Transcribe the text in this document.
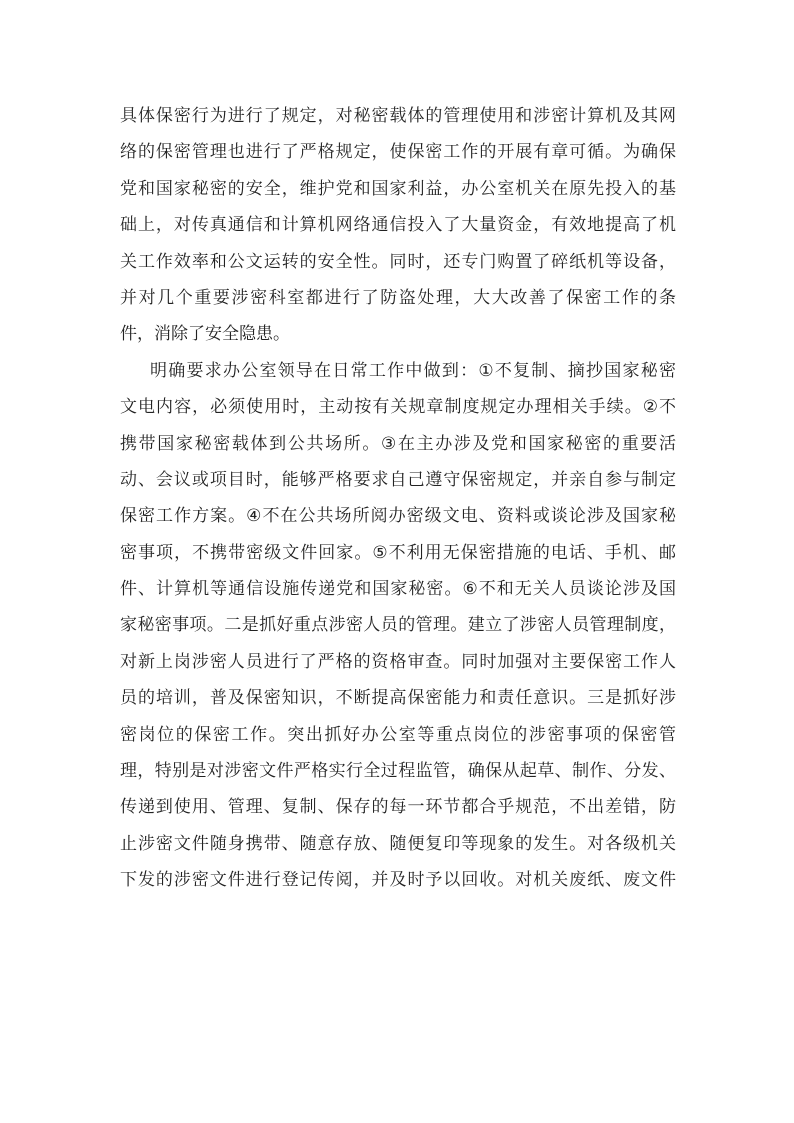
具体保密行为进行了规定，对秘密载体的管理使用和涉密计算机及其网
络的保密管理也进行了严格规定，使保密工作的开展有章可循。为确保
党和国家秘密的安全，维护党和国家利益，办公室机关在原先投入的基
础上，对传真通信和计算机网络通信投入了大量资金，有效地提高了机
关工作效率和公文运转的安全性。同时，还专门购置了碎纸机等设备，
并对几个重要涉密科室都进行了防盗处理，大大改善了保密工作的条
件，消除了安全隐患。
明确要求办公室领导在日常工作中做到：①不复制、摘抄国家秘密
文电内容，必须使用时，主动按有关规章制度规定办理相关手续。②不
携带国家秘密载体到公共场所。③在主办涉及党和国家秘密的重要活
动、会议或项目时，能够严格要求自己遵守保密规定，并亲自参与制定
保密工作方案。④不在公共场所阅办密级文电、资料或谈论涉及国家秘
密事项，不携带密级文件回家。⑤不利用无保密措施的电话、手机、邮
件、计算机等通信设施传递党和国家秘密。⑥不和无关人员谈论涉及国
家秘密事项。二是抓好重点涉密人员的管理。建立了涉密人员管理制度，
对新上岗涉密人员进行了严格的资格审查。同时加强对主要保密工作人
员的培训，普及保密知识，不断提高保密能力和责任意识。三是抓好涉
密岗位的保密工作。突出抓好办公室等重点岗位的涉密事项的保密管
理，特别是对涉密文件严格实行全过程监管，确保从起草、制作、分发、
传递到使用、管理、复制、保存的每一环节都合乎规范，不出差错，防
止涉密文件随身携带、随意存放、随便复印等现象的发生。对各级机关
下发的涉密文件进行登记传阅，并及时予以回收。对机关废纸、废文件
